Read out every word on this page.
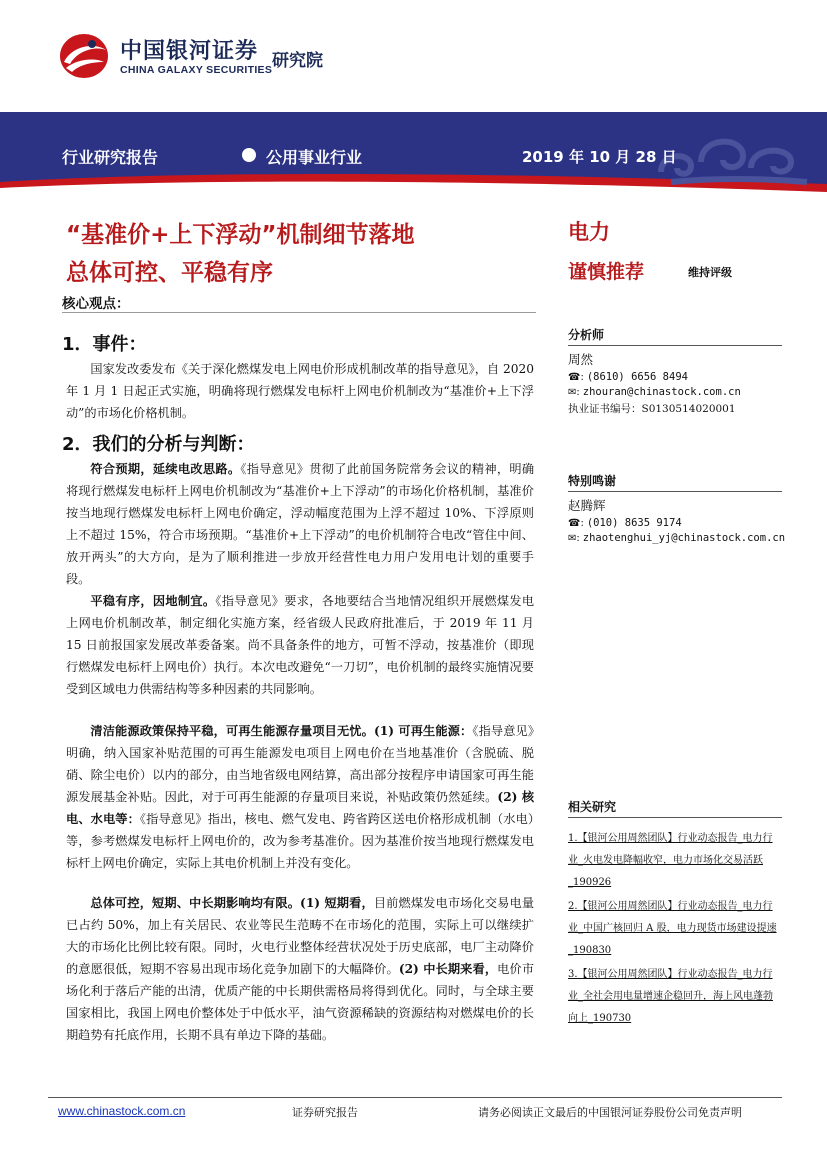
中国银河证券
CHINA GALAXY SECURITIES 研究院
行业研究报告	公用事业行业	2019 年 10 月 28 日
“基准价+上下浮动”机制细节落地
总体可控、平稳有序
电力
谨慎推荐	维持评级
核心观点：
1．事件：

国家发改委发布《关于深化燃煤发电上网电价形成机制改革的指导意见》，自 2020 年 1 月 1 日起正式实施，明确将现行燃煤发电标杆上网电价机制改为“基准价+上下浮动”的市场化价格机制。

2．我们的分析与判断：

符合预期，延续电改思路。《指导意见》贯彻了此前国务院常务会议的精神，明确将现行燃煤发电标杆上网电价机制改为“基准价+上下浮动”的市场化价格机制，基准价按当地现行燃煤发电标杆上网电价确定，浮动幅度范围为上浮不超过 10%、下浮原则上不超过 15%，符合市场预期。“基准价+上下浮动”的电价机制符合电改“管住中间、放开两头”的大方向，是为了顺利推进一步放开经营性电力用户发用电计划的重要手段。

平稳有序，因地制宜。《指导意见》要求，各地要结合当地情况组织开展燃煤发电上网电价机制改革，制定细化实施方案，经省级人民政府批准后，于 2019 年 11 月 15 日前报国家发展改革委备案。尚不具备条件的地方，可暂不浮动，按基准价（即现行燃煤发电标杆上网电价）执行。本次电改避免“一刀切”，电价机制的最终实施情况要受到区域电力供需结构等多种因素的共同影响。

清洁能源政策保持平稳，可再生能源存量项目无忧。(1) 可再生能源：《指导意见》明确，纳入国家补贴范围的可再生能源发电项目上网电价在当地基准价（含脱硫、脱硝、除尘电价）以内的部分，由当地省级电网结算，高出部分按程序申请国家可再生能源发展基金补贴。因此，对于可再生能源的存量项目来说，补贴政策仍然延续。(2) 核电、水电等：《指导意见》指出，核电、燃气发电、跨省跨区送电价格形成机制（水电）等，参考燃煤发电标杆上网电价的，改为参考基准价。因为基准价按当地现行燃煤发电标杆上网电价确定，实际上其电价机制上并没有变化。

总体可控，短期、中长期影响均有限。(1) 短期看，目前燃煤发电市场化交易电量已占约 50%，加上有关居民、农业等民生范畴不在市场化的范围，实际上可以继续扩大的市场化比例比较有限。同时，火电行业整体经营状况处于历史底部，电厂主动降价的意愿很低，短期不容易出现市场化竞争加剧下的大幅降价。(2) 中长期来看，电价市场化利于落后产能的出清，优质产能的中长期供需格局将得到优化。同时，与全球主要国家相比，我国上网电价整体处于中低水平，油气资源稀缺的资源结构对燃煤电价的长期趋势有托底作用，长期不具有单边下降的基础。

分析师
周然
☎: (8610) 6656 8494
✉: zhouran@chinastock.com.cn
执业证书编号：S0130514020001
特别鸣谢
赵腾辉
☎: (010) 8635 9174
✉: zhaotenghui_yj@chinastock.com.cn
相关研究
1.【银河公用周然团队】行业动态报告_电力行业_火电发电降幅收窄，电力市场化交易活跃_190926
2.【银河公用周然团队】行业动态报告_电力行业_中国广核回归 A 股，电力现货市场建设提速_190830
3.【银河公用周然团队】行业动态报告_电力行业_全社会用电量增速企稳回升，海上风电蓬勃向上_190730
www.chinastock.com.cn	证券研究报告	请务必阅读正文最后的中国银河证券股份公司免责声明
